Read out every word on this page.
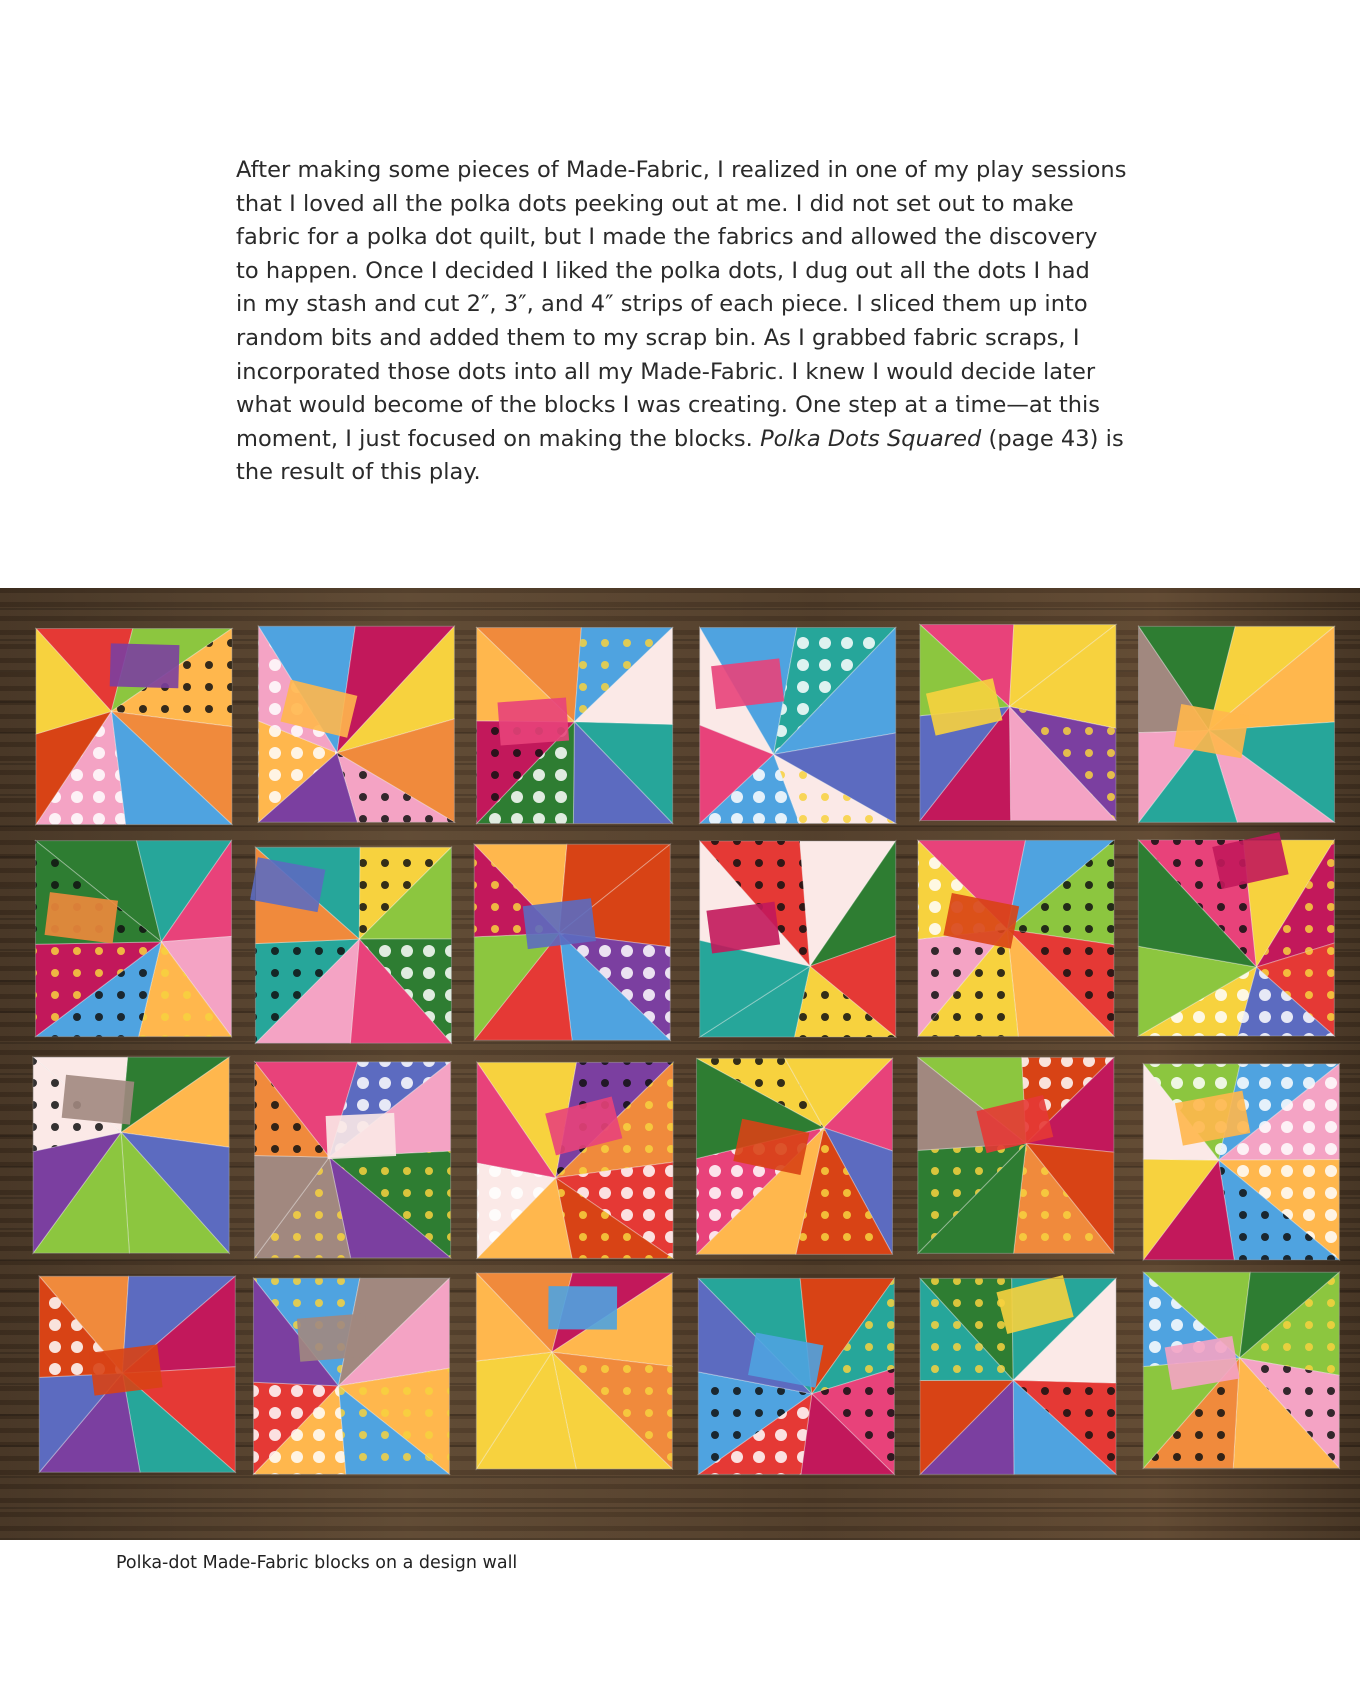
After making some pieces of Made-Fabric, I realized in one of my play sessions
that I loved all the polka dots peeking out at me. I did not set out to make
fabric for a polka dot quilt, but I made the fabrics and allowed the discovery
to happen. Once I decided I liked the polka dots, I dug out all the dots I had
in my stash and cut 2″, 3″, and 4″ strips of each piece. I sliced them up into
random bits and added them to my scrap bin. As I grabbed fabric scraps, I
incorporated those dots into all my Made-Fabric. I knew I would decide later
what would become of the blocks I was creating. One step at a time—at this
moment, I just focused on making the blocks. Polka Dots Squared (page 43) is
the result of this play.

Polka-dot Made-Fabric blocks on a design wall
